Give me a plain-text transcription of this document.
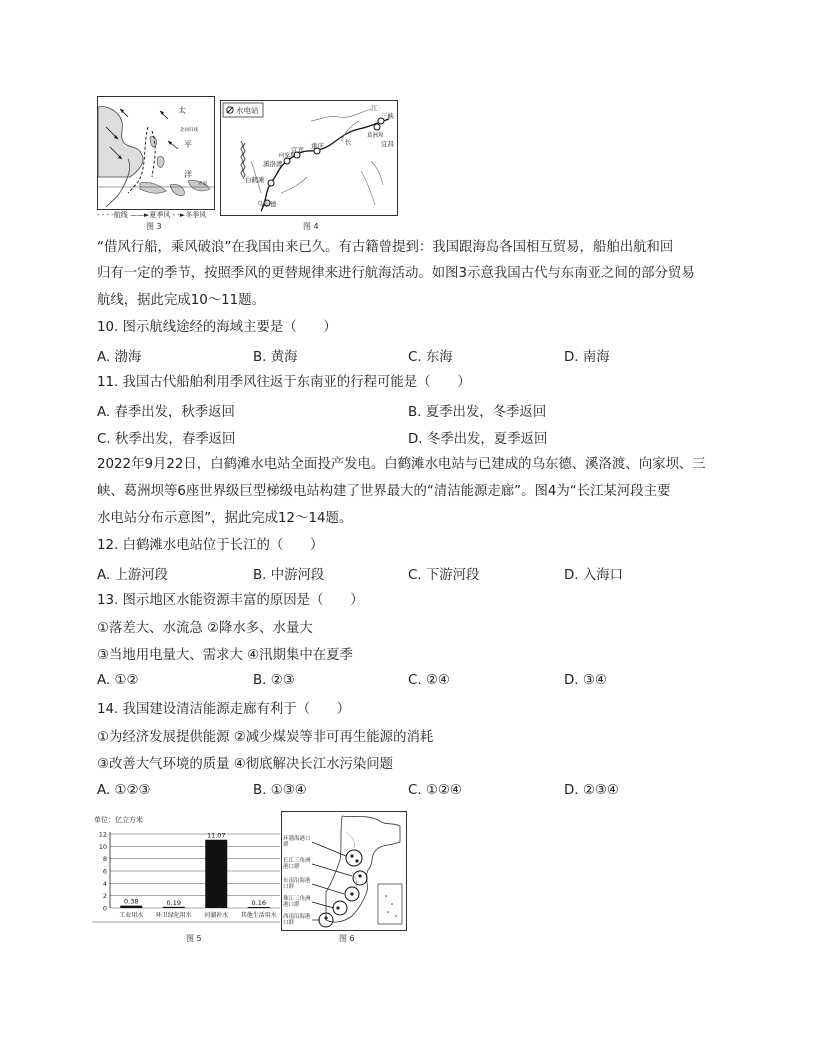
太
平
洋
北回归线
赤道
- - - -航线 ——►夏季风 - -►冬季风
图 3
水电站	江
三峡
葛洲坝
宜昌
长
溪洛渡
向家坝
宜宾 重庆
白鹤滩
乌东德
图 4
“借风行船，乘风破浪”在我国由来已久。有古籍曾提到：我国跟海岛各国相互贸易，船舶出航和回
归有一定的季节，按照季风的更替规律来进行航海活动。如图3示意我国古代与东南亚之间的部分贸易
航线，据此完成10～11题。
10. 图示航线途经的海域主要是（　　）
A. 渤海	B. 黄海	C. 东海	D. 南海
11. 我国古代船舶利用季风往返于东南亚的行程可能是（　　）
A. 春季出发，秋季返回	B. 夏季出发，冬季返回
C. 秋季出发，春季返回	D. 冬季出发，夏季返回
2022年9月22日，白鹤滩水电站全面投产发电。白鹤滩水电站与已建成的乌东德、溪洛渡、向家坝、三
峡、葛洲坝等6座世界级巨型梯级电站构建了世界最大的“清洁能源走廊”。图4为“长江某河段主要
水电站分布示意图”，据此完成12～14题。
12. 白鹤滩水电站位于长江的（　　）
A. 上游河段	B. 中游河段	C. 下游河段	D. 入海口
13. 图示地区水能资源丰富的原因是（　　）
①落差大、水流急 ②降水多、水量大
③当地用电量大、需求大 ④汛期集中在夏季
A. ①②	B. ②③	C. ②④	D. ③④
14. 我国建设清洁能源走廊有利于（　　）
①为经济发展提供能源 ②减少煤炭等非可再生能源的消耗
③改善大气环境的质量 ④彻底解决长江水污染问题
A. ①②③	B. ①③④	C. ①②④	D. ②③④
单位：亿立方米
0
2
4
6
8
10
12
0.38
工业用水
0.19
环卫绿化用水
11.07
河湖补水
0.16
其他生活用水
图 5
环渤海港口群
长江三角洲港口群
东南沿海港口群
珠江三角洲港口群
西南沿海港口群
图 6
